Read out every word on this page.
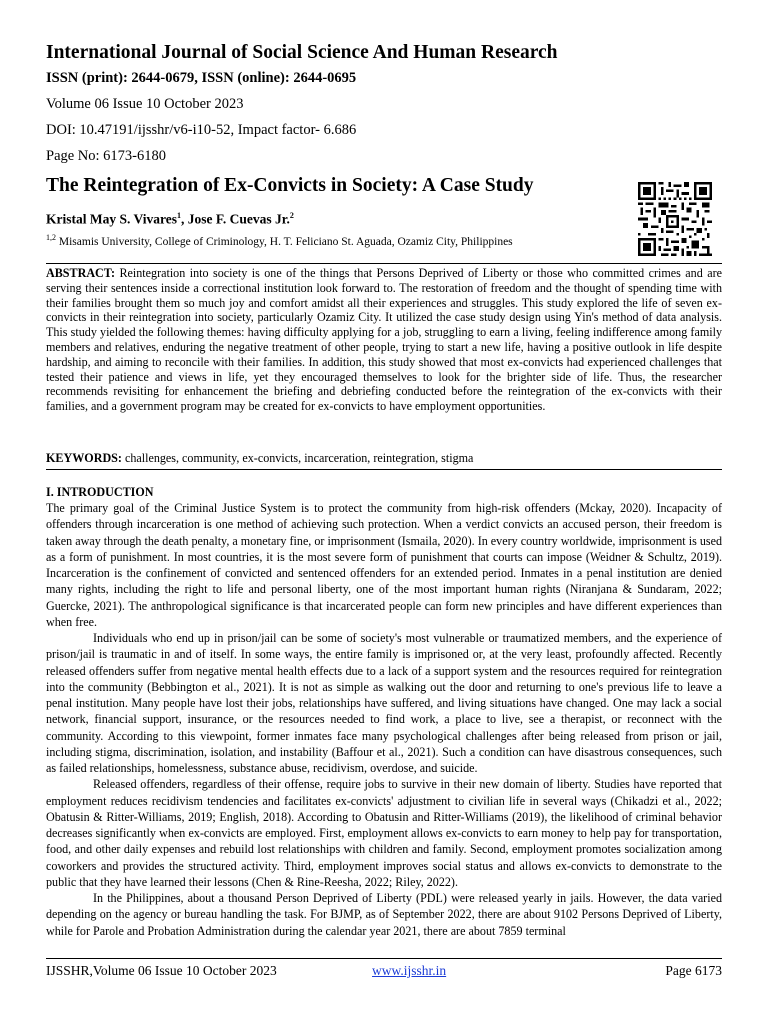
International Journal of Social Science And Human Research
ISSN (print): 2644-0679, ISSN (online): 2644-0695
Volume 06 Issue 10 October 2023
DOI: 10.47191/ijsshr/v6-i10-52, Impact factor- 6.686
Page No: 6173-6180
The Reintegration of Ex-Convicts in Society: A Case Study
Kristal May S. Vivares$^1$, Jose F. Cuevas Jr.$^2$
$^{1,2}$ Misamis University, College of Criminology, H. T. Feliciano St. Aguada, Ozamiz City, Philippines
ABSTRACT: Reintegration into society is one of the things that Persons Deprived of Liberty or those who committed crimes and are serving their sentences inside a correctional institution look forward to. The restoration of freedom and the thought of spending time with their families brought them so much joy and comfort amidst all their experiences and struggles. This study explored the life of seven ex-convicts in their reintegration into society, particularly Ozamiz City. It utilized the case study design using Yin's method of data analysis. This study yielded the following themes: having difficulty applying for a job, struggling to earn a living, feeling indifference among family members and relatives, enduring the negative treatment of other people, trying to start a new life, having a positive outlook in life despite hardship, and aiming to reconcile with their families. In addition, this study showed that most ex-convicts had experienced challenges that tested their patience and views in life, yet they encouraged themselves to look for the brighter side of life. Thus, the researcher recommends revisiting for enhancement the briefing and debriefing conducted before the reintegration of the ex-convicts with their families, and a government program may be created for ex-convicts to have employment opportunities.
KEYWORDS: challenges, community, ex-convicts, incarceration, reintegration, stigma
I. INTRODUCTION

The primary goal of the Criminal Justice System is to protect the community from high-risk offenders (Mckay, 2020). Incapacity of offenders through incarceration is one method of achieving such protection. When a verdict convicts an accused person, their freedom is taken away through the death penalty, a monetary fine, or imprisonment (Ismaila, 2020). In every country worldwide, imprisonment is used as a form of punishment. In most countries, it is the most severe form of punishment that courts can impose (Weidner & Schultz, 2019). Incarceration is the confinement of convicted and sentenced offenders for an extended period. Inmates in a penal institution are denied many rights, including the right to life and personal liberty, one of the most important human rights (Niranjana & Sundaram, 2022; Guercke, 2021). The anthropological significance is that incarcerated people can form new principles and have different experiences than when free.

Individuals who end up in prison/jail can be some of society's most vulnerable or traumatized members, and the experience of prison/jail is traumatic in and of itself. In some ways, the entire family is imprisoned or, at the very least, profoundly affected. Recently released offenders suffer from negative mental health effects due to a lack of a support system and the resources required for reintegration into the community (Bebbington et al., 2021). It is not as simple as walking out the door and returning to one's previous life to leave a penal institution. Many people have lost their jobs, relationships have suffered, and living situations have changed. One may lack a social network, financial support, insurance, or the resources needed to find work, a place to live, see a therapist, or reconnect with the community. According to this viewpoint, former inmates face many psychological challenges after being released from prison or jail, including stigma, discrimination, isolation, and instability (Baffour et al., 2021). Such a condition can have disastrous consequences, such as failed relationships, homelessness, substance abuse, recidivism, overdose, and suicide.

Released offenders, regardless of their offense, require jobs to survive in their new domain of liberty. Studies have reported that employment reduces recidivism tendencies and facilitates ex-convicts' adjustment to civilian life in several ways (Chikadzi et al., 2022; Obatusin & Ritter-Williams, 2019; English, 2018). According to Obatusin and Ritter-Williams (2019), the likelihood of criminal behavior decreases significantly when ex-convicts are employed. First, employment allows ex-convicts to earn money to help pay for transportation, food, and other daily expenses and rebuild lost relationships with children and family. Second, employment promotes socialization among coworkers and provides the structured activity. Third, employment improves social status and allows ex-convicts to demonstrate to the public that they have learned their lessons (Chen & Rine-Reesha, 2022; Riley, 2022).

In the Philippines, about a thousand Person Deprived of Liberty (PDL) were released yearly in jails. However, the data varied depending on the agency or bureau handling the task. For BJMP, as of September 2022, there are about 9102 Persons Deprived of Liberty, while for Parole and Probation Administration during the calendar year 2021, there are about 7859 terminal

IJSSHR,Volume 06 Issue 10 October 2023	www.ijsshr.in	Page 6173
